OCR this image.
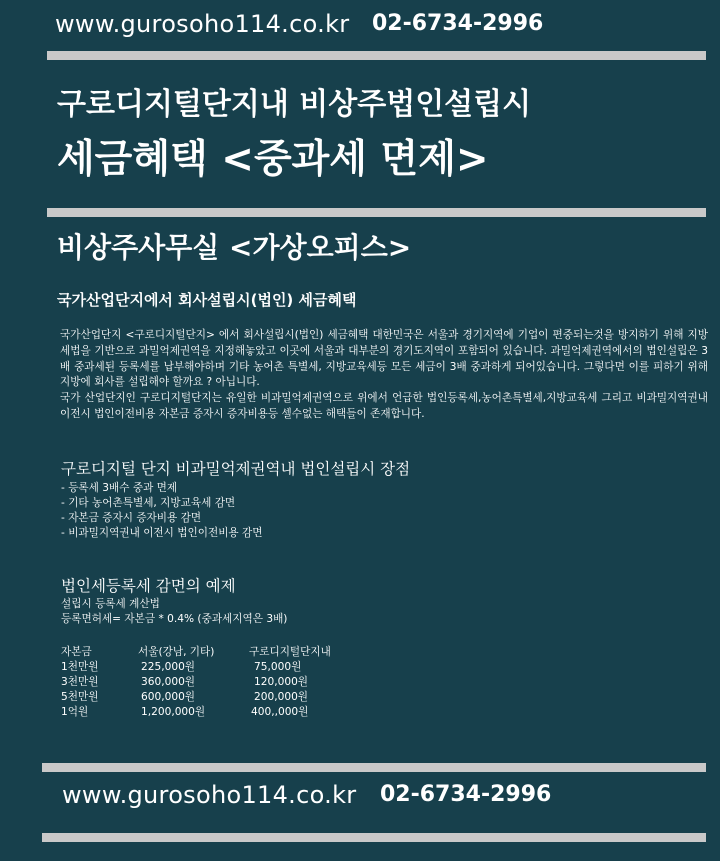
www.gurosoho114.co.kr 02-6734-2996
구로디지털단지내 비상주법인설립시
세금혜택 <중과세 면제>
비상주사무실 <가상오피스>
국가산업단지에서 회사설립시(법인) 세금혜택

국가산업단지 <구로디지털단지> 에서 회사설립시(법인) 세금혜택 대한민국은 서울과 경기지역에 기업이 편중되는것을 방지하기 위해 지방세법을 기반으로 과밀억제권역을 지정해놓았고 이곳에 서울과 대부분의 경기도지역이 포함되어 있습니다. 과밀억제권역에서의 법인설립은 3배 중과세된 등록세를 납부해야하며 기타 농어촌 특별세, 지방교육세등 모든 세금이 3배 중과하게 되어있습니다. 그렇다면 이를 피하기 위해 지방에 회사를 설립해야 할까요 ? 아닙니다.

국가 산업단지인 구로디지털단지는 유일한 비과밀억제권역으로 위에서 언급한 법인등록세,농어촌특별세,지방교육세 그리고 비과밀지역권내 이전시 법인이전비용 자본금 증자시 증자비용등 셀수없는 해택들이 존재합니다.

구로디지털 단지 비과밀억제권역내 법인설립시 장점
- 등록세 3배수 중과 면제
- 기타 농어촌특별세, 지방교육세 감면
- 자본금 증자시 증자비용 감면
- 비과밀지역권내 이전시 법인이전비용 감면
법인세등록세 감면의 예제
설립시 등록세 계산법
등록면허세= 자본금 * 0.4% (중과세지역은 3배)
자본금	서울(강남, 기타)	구로디지털단지내
1천만원	225,000원	75,000원
3천만원	360,000원	120,000원
5천만원	600,000원	200,000원
1억원	1,200,000원	400,,000원
www.gurosoho114.co.kr 02-6734-2996
